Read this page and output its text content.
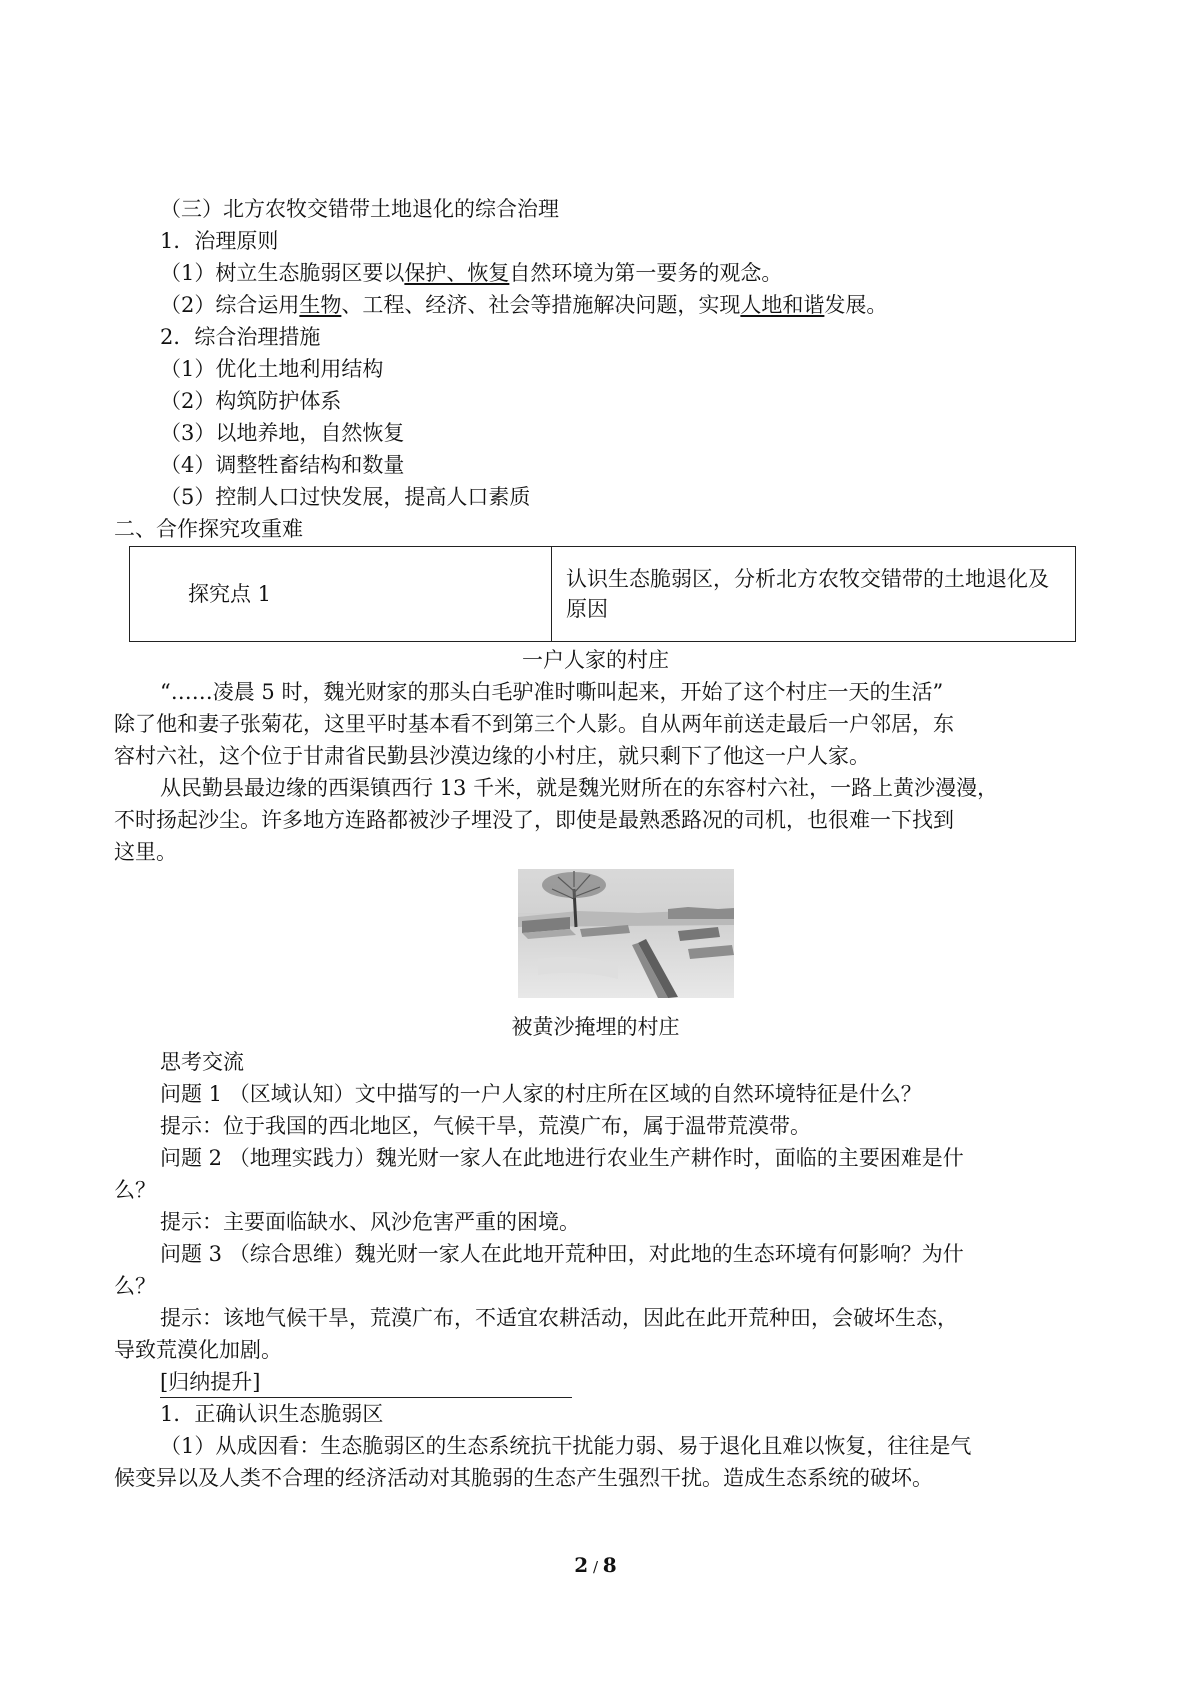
（三）北方农牧交错带土地退化的综合治理
1．治理原则
（1）树立生态脆弱区要以保护、恢复自然环境为第一要务的观念。
（2）综合运用生物、工程、经济、社会等措施解决问题，实现人地和谐发展。
2．综合治理措施
（1）优化土地利用结构
（2）构筑防护体系
（3）以地养地，自然恢复
（4）调整牲畜结构和数量
（5）控制人口过快发展，提高人口素质
二、合作探究攻重难
探究点 1	认识生态脆弱区，分析北方农牧交错带的土地退化及原因
一户人家的村庄
“……凌晨 5 时，魏光财家的那头白毛驴准时嘶叫起来，开始了这个村庄一天的生活”
除了他和妻子张菊花，这里平时基本看不到第三个人影。自从两年前送走最后一户邻居，东
容村六社，这个位于甘肃省民勤县沙漠边缘的小村庄，就只剩下了他这一户人家。
从民勤县最边缘的西渠镇西行 13 千米，就是魏光财所在的东容村六社，一路上黄沙漫漫，
不时扬起沙尘。许多地方连路都被沙子埋没了，即使是最熟悉路况的司机，也很难一下找到
这里。
被黄沙掩埋的村庄
思考交流
问题 1 （区域认知）文中描写的一户人家的村庄所在区域的自然环境特征是什么？
提示：位于我国的西北地区，气候干旱，荒漠广布，属于温带荒漠带。
问题 2 （地理实践力）魏光财一家人在此地进行农业生产耕作时，面临的主要困难是什
么？
提示：主要面临缺水、风沙危害严重的困境。
问题 3 （综合思维）魏光财一家人在此地开荒种田，对此地的生态环境有何影响？为什
么？
提示：该地气候干旱，荒漠广布，不适宜农耕活动，因此在此开荒种田，会破坏生态，
导致荒漠化加剧。
[归纳提升]
1．正确认识生态脆弱区
（1）从成因看：生态脆弱区的生态系统抗干扰能力弱、易于退化且难以恢复，往往是气
候变异以及人类不合理的经济活动对其脆弱的生态产生强烈干扰。造成生态系统的破坏。
2 / 8
